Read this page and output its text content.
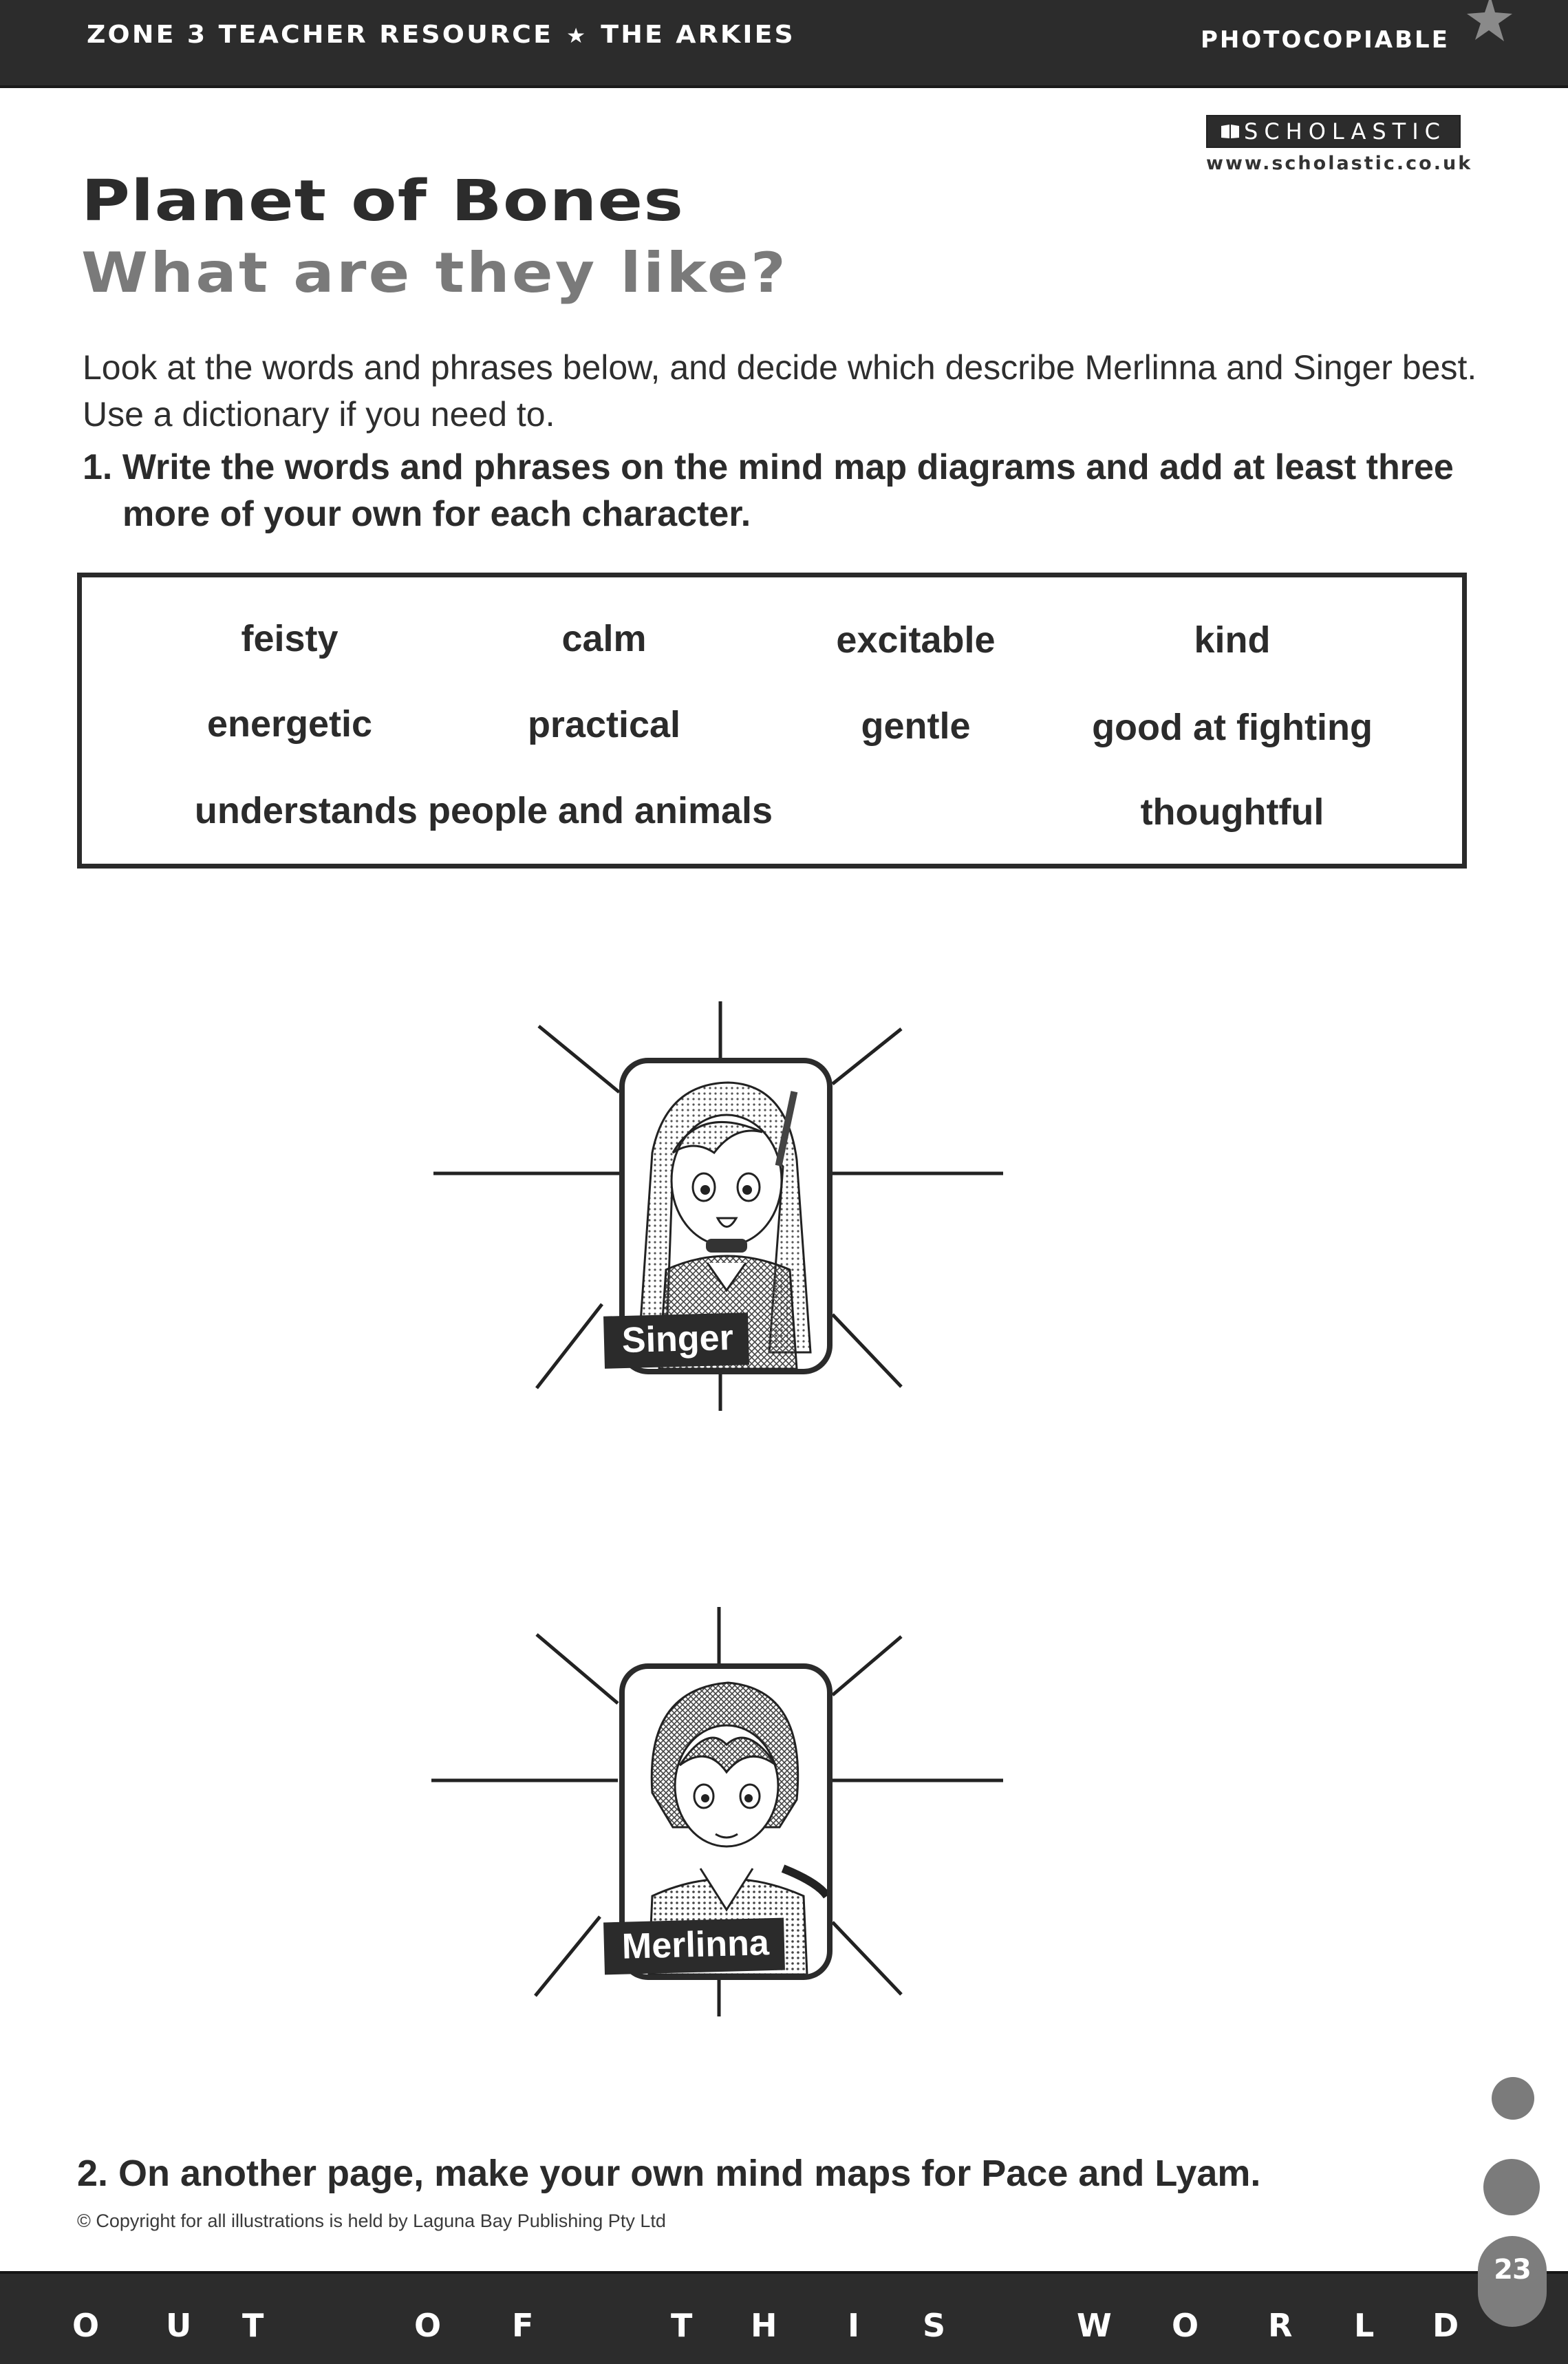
ZONE 3 TEACHER RESOURCE ★ THE ARKIES	PHOTOCOPIABLE
SCHOLASTIC
www.scholastic.co.uk
Planet of Bones
What are they like?
Look at the words and phrases below, and decide which describe Merlinna and Singer best. Use a dictionary if you need to.
1. Write the words and phrases on the mind map diagrams and add at least three more of your own for each character.
feisty	calm	excitable	kind
energetic	practical	gentle	good at fighting
understands people and animals	thoughtful
Singer
Merlinna
2. On another page, make your own mind maps for Pace and Lyam.
© Copyright for all illustrations is held by Laguna Bay Publishing Pty Ltd
O U T	O F	T H I S	W O R L D
23
